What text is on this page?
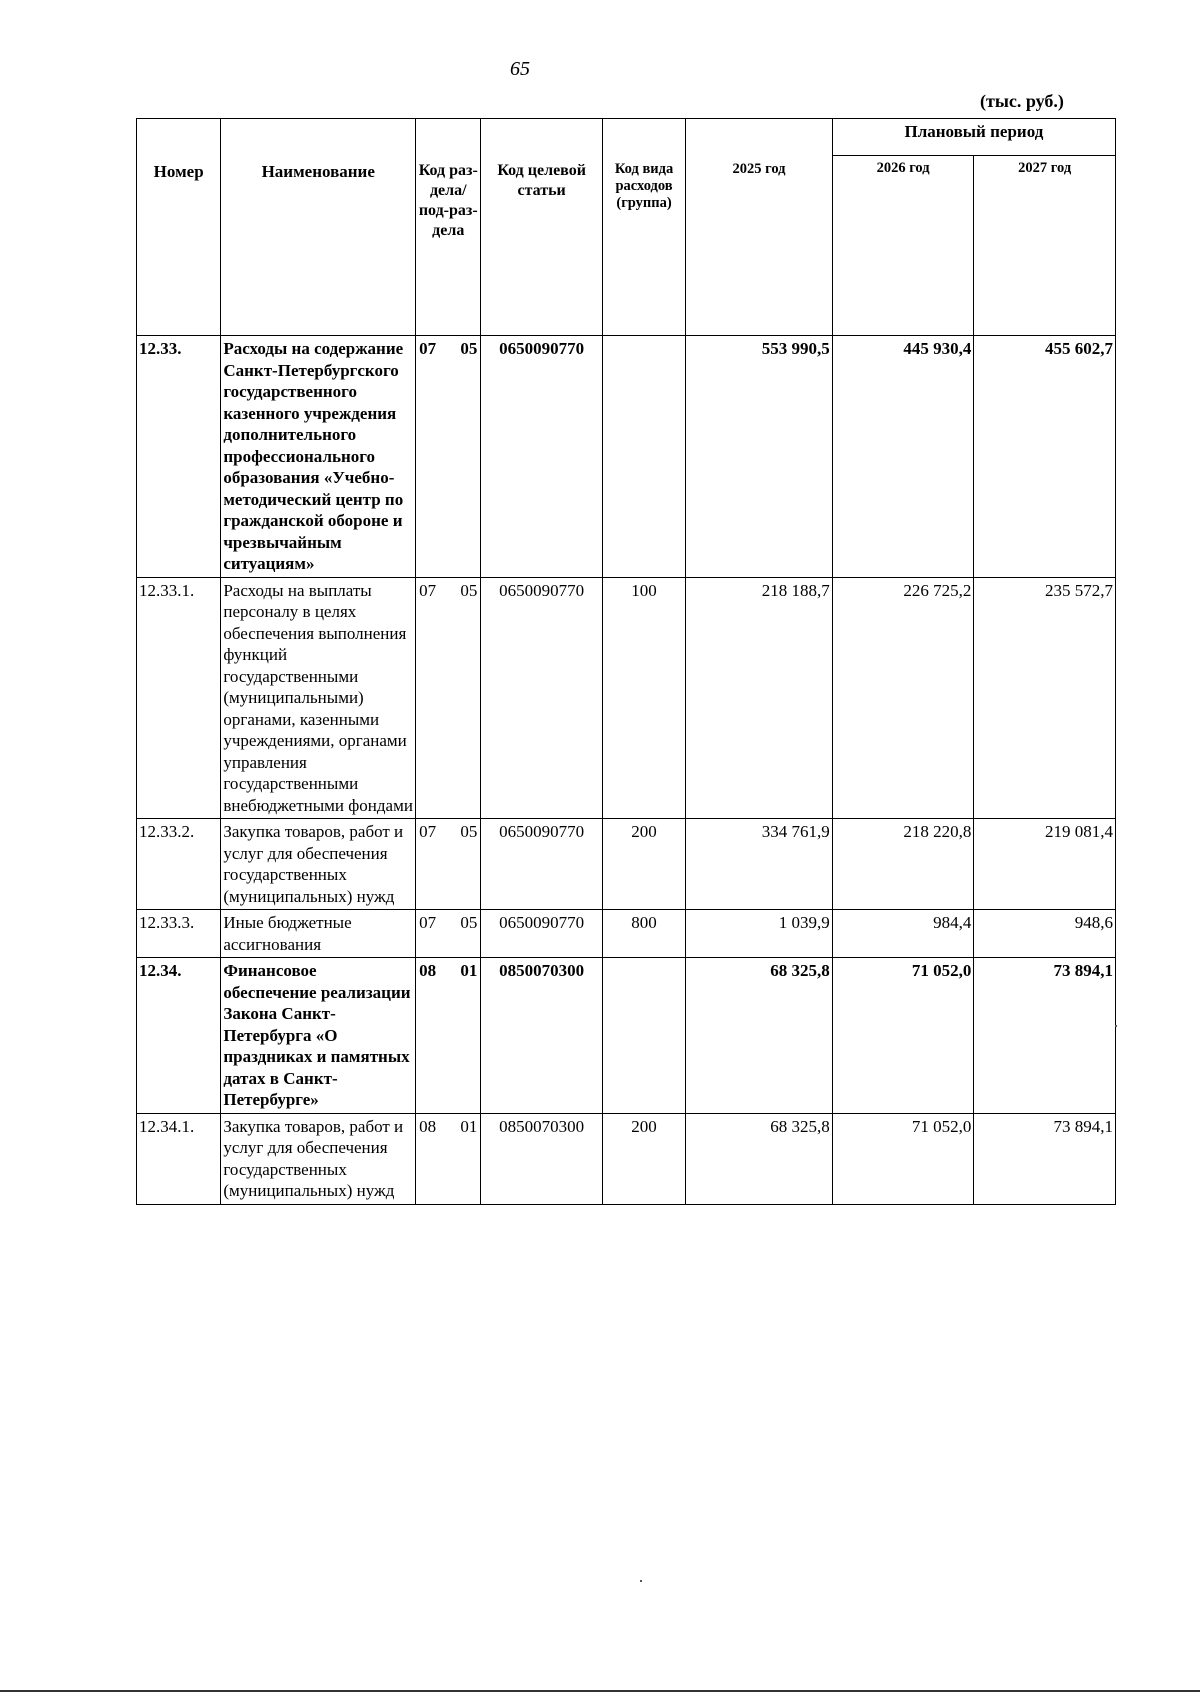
65
(тыс. руб.)
Номер	Наименование	Код раз-дела/ под-раз-дела	Код целевой статьи	Код вида расходов (группа)	2025 год	Плановый период	
						2026 год	2027 год
12.33.	Расходы на содержание Санкт-Петербургского государственного казенного учреждения дополнительного профессионального образования «Учебно-методический центр по гражданской обороне и чрезвычайным ситуациям»	07 05	0650090770		553 990,5	445 930,4	455 602,7
12.33.1.	Расходы на выплаты персоналу в целях обеспечения выполнения функций государственными (муниципальными) органами, казенными учреждениями, органами управления государственными внебюджетными фондами	07 05	0650090770	100	218 188,7	226 725,2	235 572,7
12.33.2.	Закупка товаров, работ и услуг для обеспечения государственных (муниципальных) нужд	07 05	0650090770	200	334 761,9	218 220,8	219 081,4
12.33.3.	Иные бюджетные ассигнования	07 05	0650090770	800	1 039,9	984,4	948,6
12.34.	Финансовое обеспечение реализации Закона Санкт-Петербурга «О праздниках и памятных датах в Санкт-Петербурге»	08 01	0850070300		68 325,8	71 052,0	73 894,1
12.34.1.	Закупка товаров, работ и услуг для обеспечения государственных (муниципальных) нужд	08 01	0850070300	200	68 325,8	71 052,0	73 894,1
